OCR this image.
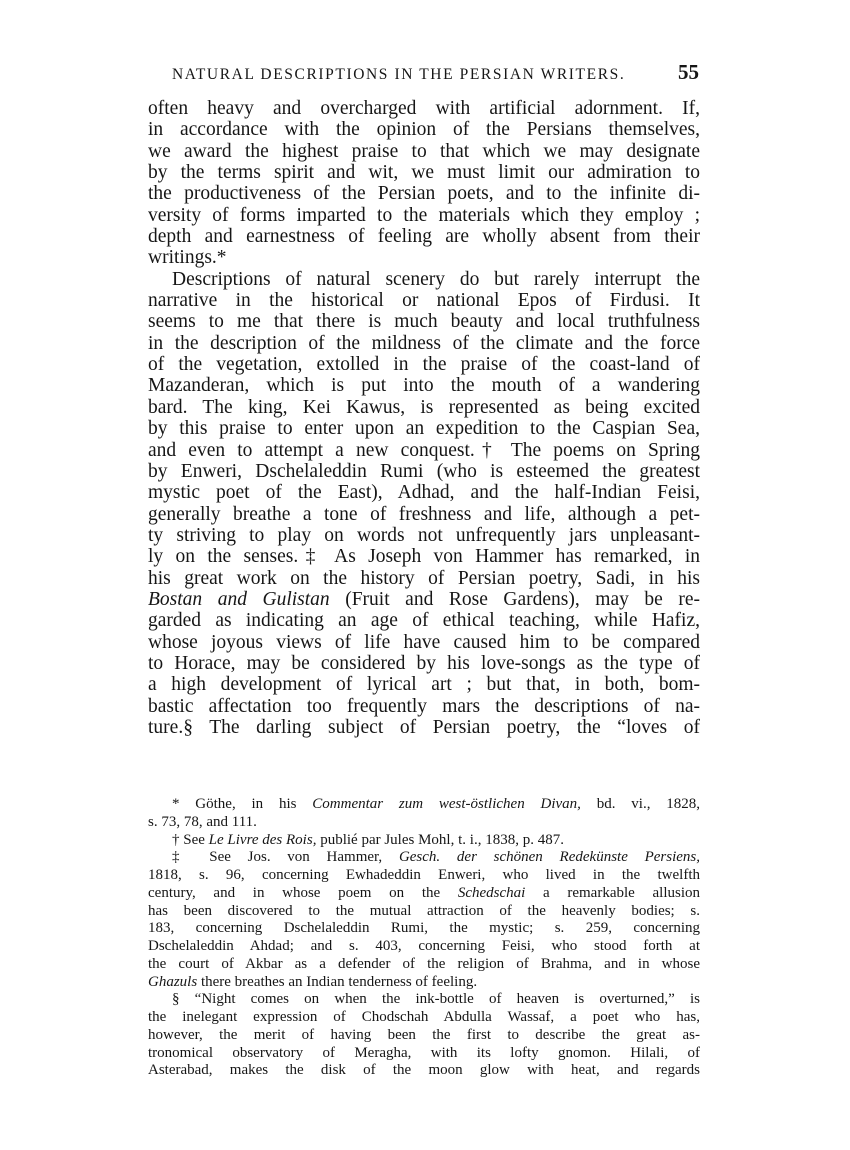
NATURAL DESCRIPTIONS IN THE PERSIAN WRITERS.	55
often heavy and overcharged with artificial adornment. If,
in accordance with the opinion of the Persians themselves,
we award the highest praise to that which we may designate
by the terms spirit and wit, we must limit our admiration to
the productiveness of the Persian poets, and to the infinite di-
versity of forms imparted to the materials which they employ ;
depth and earnestness of feeling are wholly absent from their
writings.*
Descriptions of natural scenery do but rarely interrupt the
narrative in the historical or national Epos of Firdusi. It
seems to me that there is much beauty and local truthfulness
in the description of the mildness of the climate and the force
of the vegetation, extolled in the praise of the coast-land of
Mazanderan, which is put into the mouth of a wandering
bard. The king, Kei Kawus, is represented as being excited
by this praise to enter upon an expedition to the Caspian Sea,
and even to attempt a new conquest.† The poems on Spring
by Enweri, Dschelaleddin Rumi (who is esteemed the greatest
mystic poet of the East), Adhad, and the half-Indian Feisi,
generally breathe a tone of freshness and life, although a pet-
ty striving to play on words not unfrequently jars unpleasant-
ly on the senses.‡ As Joseph von Hammer has remarked, in
his great work on the history of Persian poetry, Sadi, in his
Bostan and Gulistan (Fruit and Rose Gardens), may be re-
garded as indicating an age of ethical teaching, while Hafiz,
whose joyous views of life have caused him to be compared
to Horace, may be considered by his love-songs as the type of
a high development of lyrical art ; but that, in both, bom-
bastic affectation too frequently mars the descriptions of na-
ture.§ The darling subject of Persian poetry, the “loves of
* Göthe, in his Commentar zum west-östlichen Divan, bd. vi., 1828,
s. 73, 78, and 111.
† See Le Livre des Rois, publié par Jules Mohl, t. i., 1838, p. 487.
‡ See Jos. von Hammer, Gesch. der schönen Redekünste Persiens,
1818, s. 96, concerning Ewhadeddin Enweri, who lived in the twelfth
century, and in whose poem on the Schedschai a remarkable allusion
has been discovered to the mutual attraction of the heavenly bodies; s.
183, concerning Dschelaleddin Rumi, the mystic; s. 259, concerning
Dschelaleddin Ahdad; and s. 403, concerning Feisi, who stood forth at
the court of Akbar as a defender of the religion of Brahma, and in whose
Ghazuls there breathes an Indian tenderness of feeling.
§ “Night comes on when the ink-bottle of heaven is overturned,” is
the inelegant expression of Chodschah Abdulla Wassaf, a poet who has,
however, the merit of having been the first to describe the great as-
tronomical observatory of Meragha, with its lofty gnomon. Hilali, of
Asterabad, makes the disk of the moon glow with heat, and regards
